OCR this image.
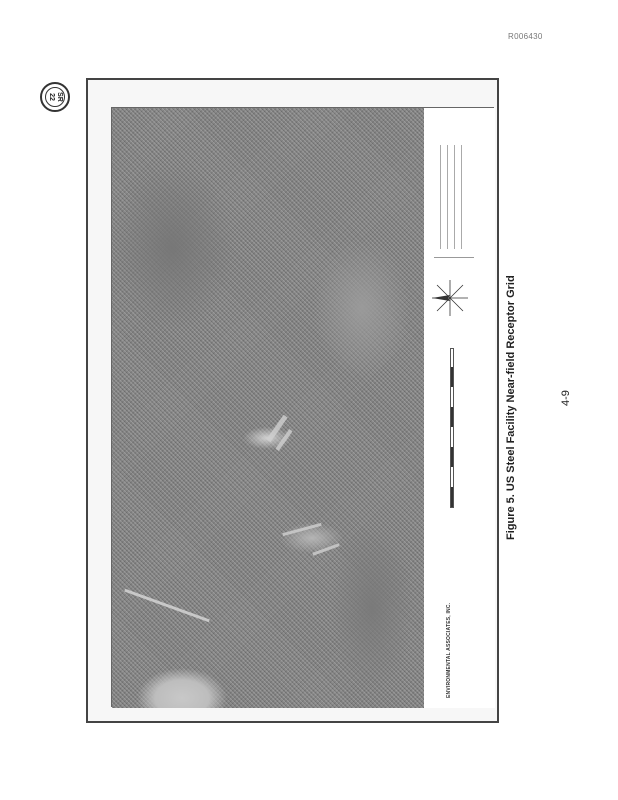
R006430
SR 22
ENVIRONMENTAL ASSOCIATES, INC.
Figure 5. US Steel Facility Near-field Receptor Grid	4-9
